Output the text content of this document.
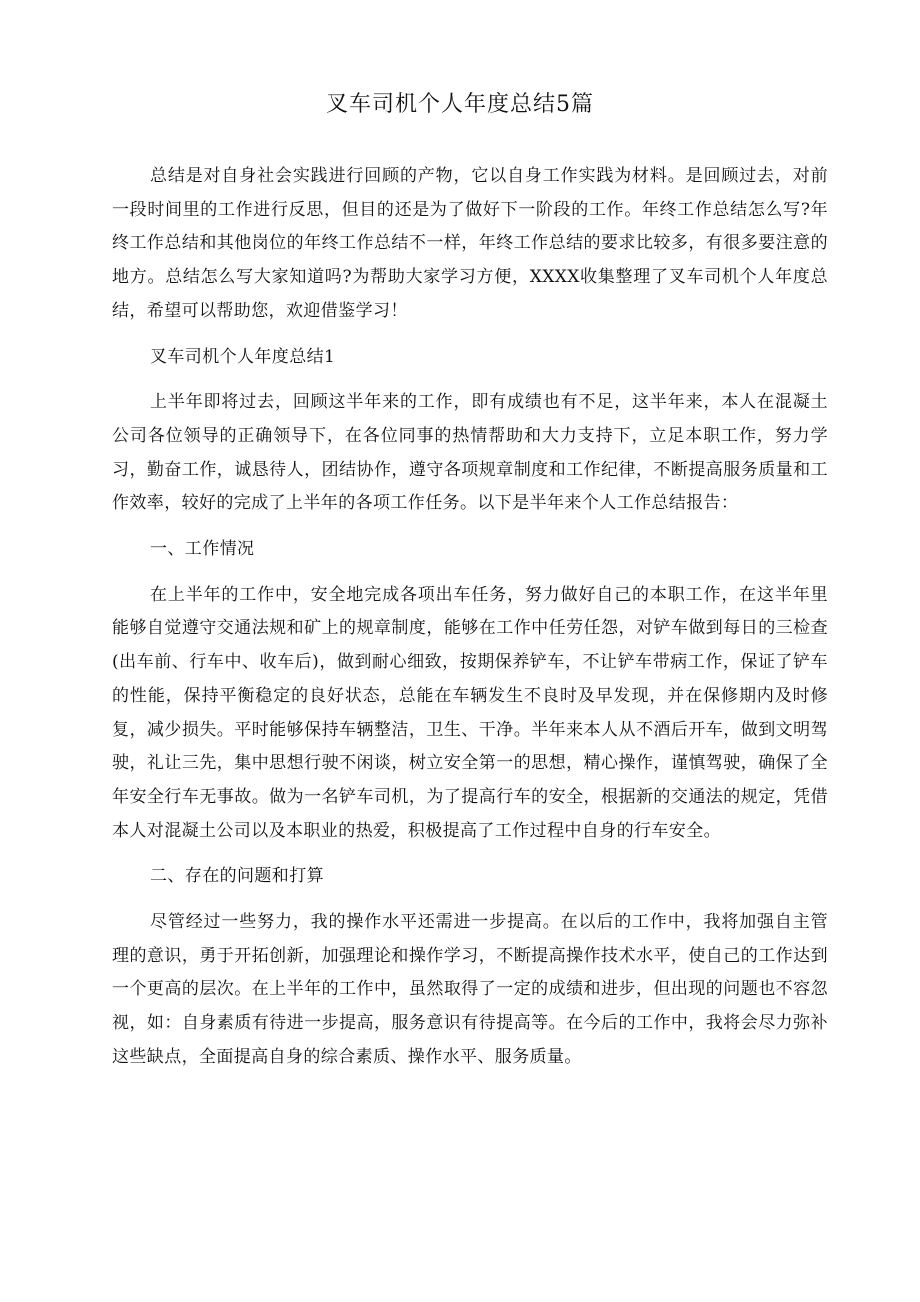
叉车司机个人年度总结5篇

总结是对自身社会实践进行回顾的产物，它以自身工作实践为材料。是回顾过去，对前一段时间里的工作进行反思，但目的还是为了做好下一阶段的工作。年终工作总结怎么写?年终工作总结和其他岗位的年终工作总结不一样，年终工作总结的要求比较多，有很多要注意的地方。总结怎么写大家知道吗?为帮助大家学习方便，XXXX收集整理了叉车司机个人年度总结，希望可以帮助您，欢迎借鉴学习！

叉车司机个人年度总结1

上半年即将过去，回顾这半年来的工作，即有成绩也有不足，这半年来，本人在混凝土公司各位领导的正确领导下，在各位同事的热情帮助和大力支持下，立足本职工作，努力学习，勤奋工作，诚恳待人，团结协作，遵守各项规章制度和工作纪律，不断提高服务质量和工作效率，较好的完成了上半年的各项工作任务。以下是半年来个人工作总结报告：

一、工作情况

在上半年的工作中，安全地完成各项出车任务，努力做好自己的本职工作，在这半年里能够自觉遵守交通法规和矿上的规章制度，能够在工作中任劳任怨，对铲车做到每日的三检查(出车前、行车中、收车后)，做到耐心细致，按期保养铲车，不让铲车带病工作，保证了铲车的性能，保持平衡稳定的良好状态，总能在车辆发生不良时及早发现，并在保修期内及时修复，减少损失。平时能够保持车辆整洁，卫生、干净。半年来本人从不酒后开车，做到文明驾驶，礼让三先，集中思想行驶不闲谈，树立安全第一的思想，精心操作，谨慎驾驶，确保了全年安全行车无事故。做为一名铲车司机，为了提高行车的安全，根据新的交通法的规定，凭借本人对混凝土公司以及本职业的热爱，积极提高了工作过程中自身的行车安全。

二、存在的问题和打算

尽管经过一些努力，我的操作水平还需进一步提高。在以后的工作中，我将加强自主管理的意识，勇于开拓创新，加强理论和操作学习，不断提高操作技术水平，使自己的工作达到一个更高的层次。在上半年的工作中，虽然取得了一定的成绩和进步，但出现的问题也不容忽视，如：自身素质有待进一步提高，服务意识有待提高等。在今后的工作中，我将会尽力弥补这些缺点，全面提高自身的综合素质、操作水平、服务质量。
